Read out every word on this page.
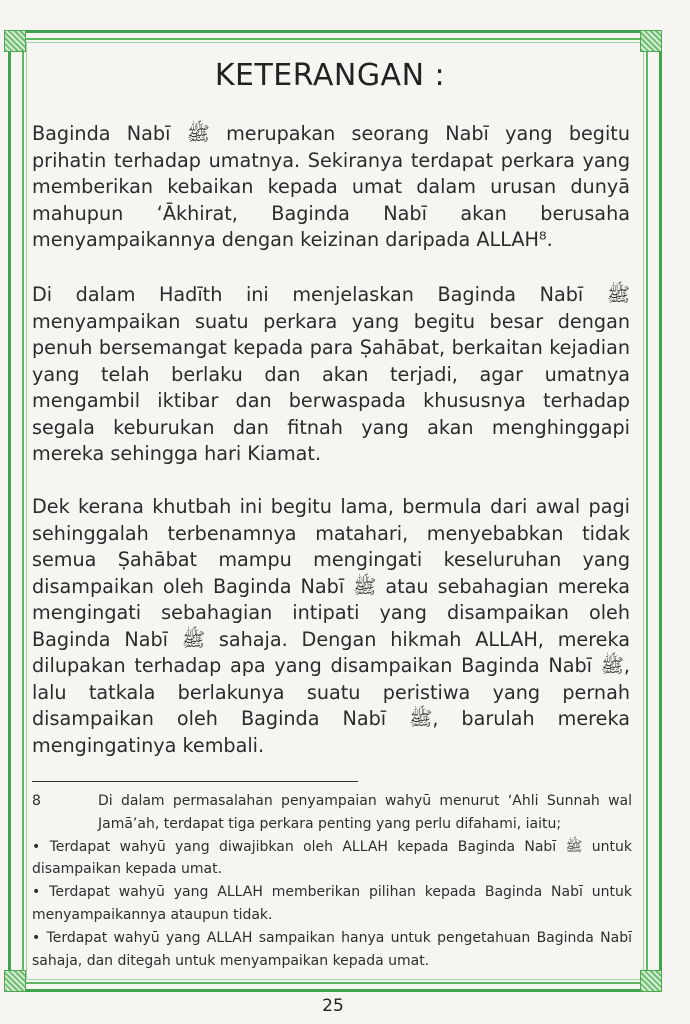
KETERANGAN :
Baginda Nabī ﷺ merupakan seorang Nabī yang begitu prihatin terhadap umatnya. Sekiranya terdapat perkara yang memberikan kebaikan kepada umat dalam urusan dunyā mahupun ‘Ākhirat, Baginda Nabī akan berusaha menyampaikannya dengan keizinan daripada ALLAH⁸.
Di dalam Hadīth ini menjelaskan Baginda Nabī ﷺ menyampaikan suatu perkara yang begitu besar dengan penuh bersemangat kepada para Ṣahābat, berkaitan kejadian yang telah berlaku dan akan terjadi, agar umatnya mengambil iktibar dan berwaspada khususnya terhadap segala keburukan dan fitnah yang akan menghinggapi mereka sehingga hari Kiamat.
Dek kerana khutbah ini begitu lama, bermula dari awal pagi sehinggalah terbenamnya matahari, menyebabkan tidak semua Ṣahābat mampu mengingati keseluruhan yang disampaikan oleh Baginda Nabī ﷺ atau sebahagian mereka mengingati sebahagian intipati yang disampaikan oleh Baginda Nabī ﷺ sahaja. Dengan hikmah ALLAH, mereka dilupakan terhadap apa yang disampaikan Baginda Nabī ﷺ, lalu tatkala berlakunya suatu peristiwa yang pernah disampaikan oleh Baginda Nabī ﷺ, barulah mereka mengingatinya kembali.
8	Di dalam permasalahan penyampaian wahyū menurut ‘Ahli Sunnah wal Jamā’ah, terdapat tiga perkara penting yang perlu difahami, iaitu;
• Terdapat wahyū yang diwajibkan oleh ALLAH kepada Baginda Nabī ﷺ untuk disampaikan kepada umat.
• Terdapat wahyū yang ALLAH memberikan pilihan kepada Baginda Nabī untuk menyampaikannya ataupun tidak.
• Terdapat wahyū yang ALLAH sampaikan hanya untuk pengetahuan Baginda Nabī sahaja, dan ditegah untuk menyampaikan kepada umat.
25
